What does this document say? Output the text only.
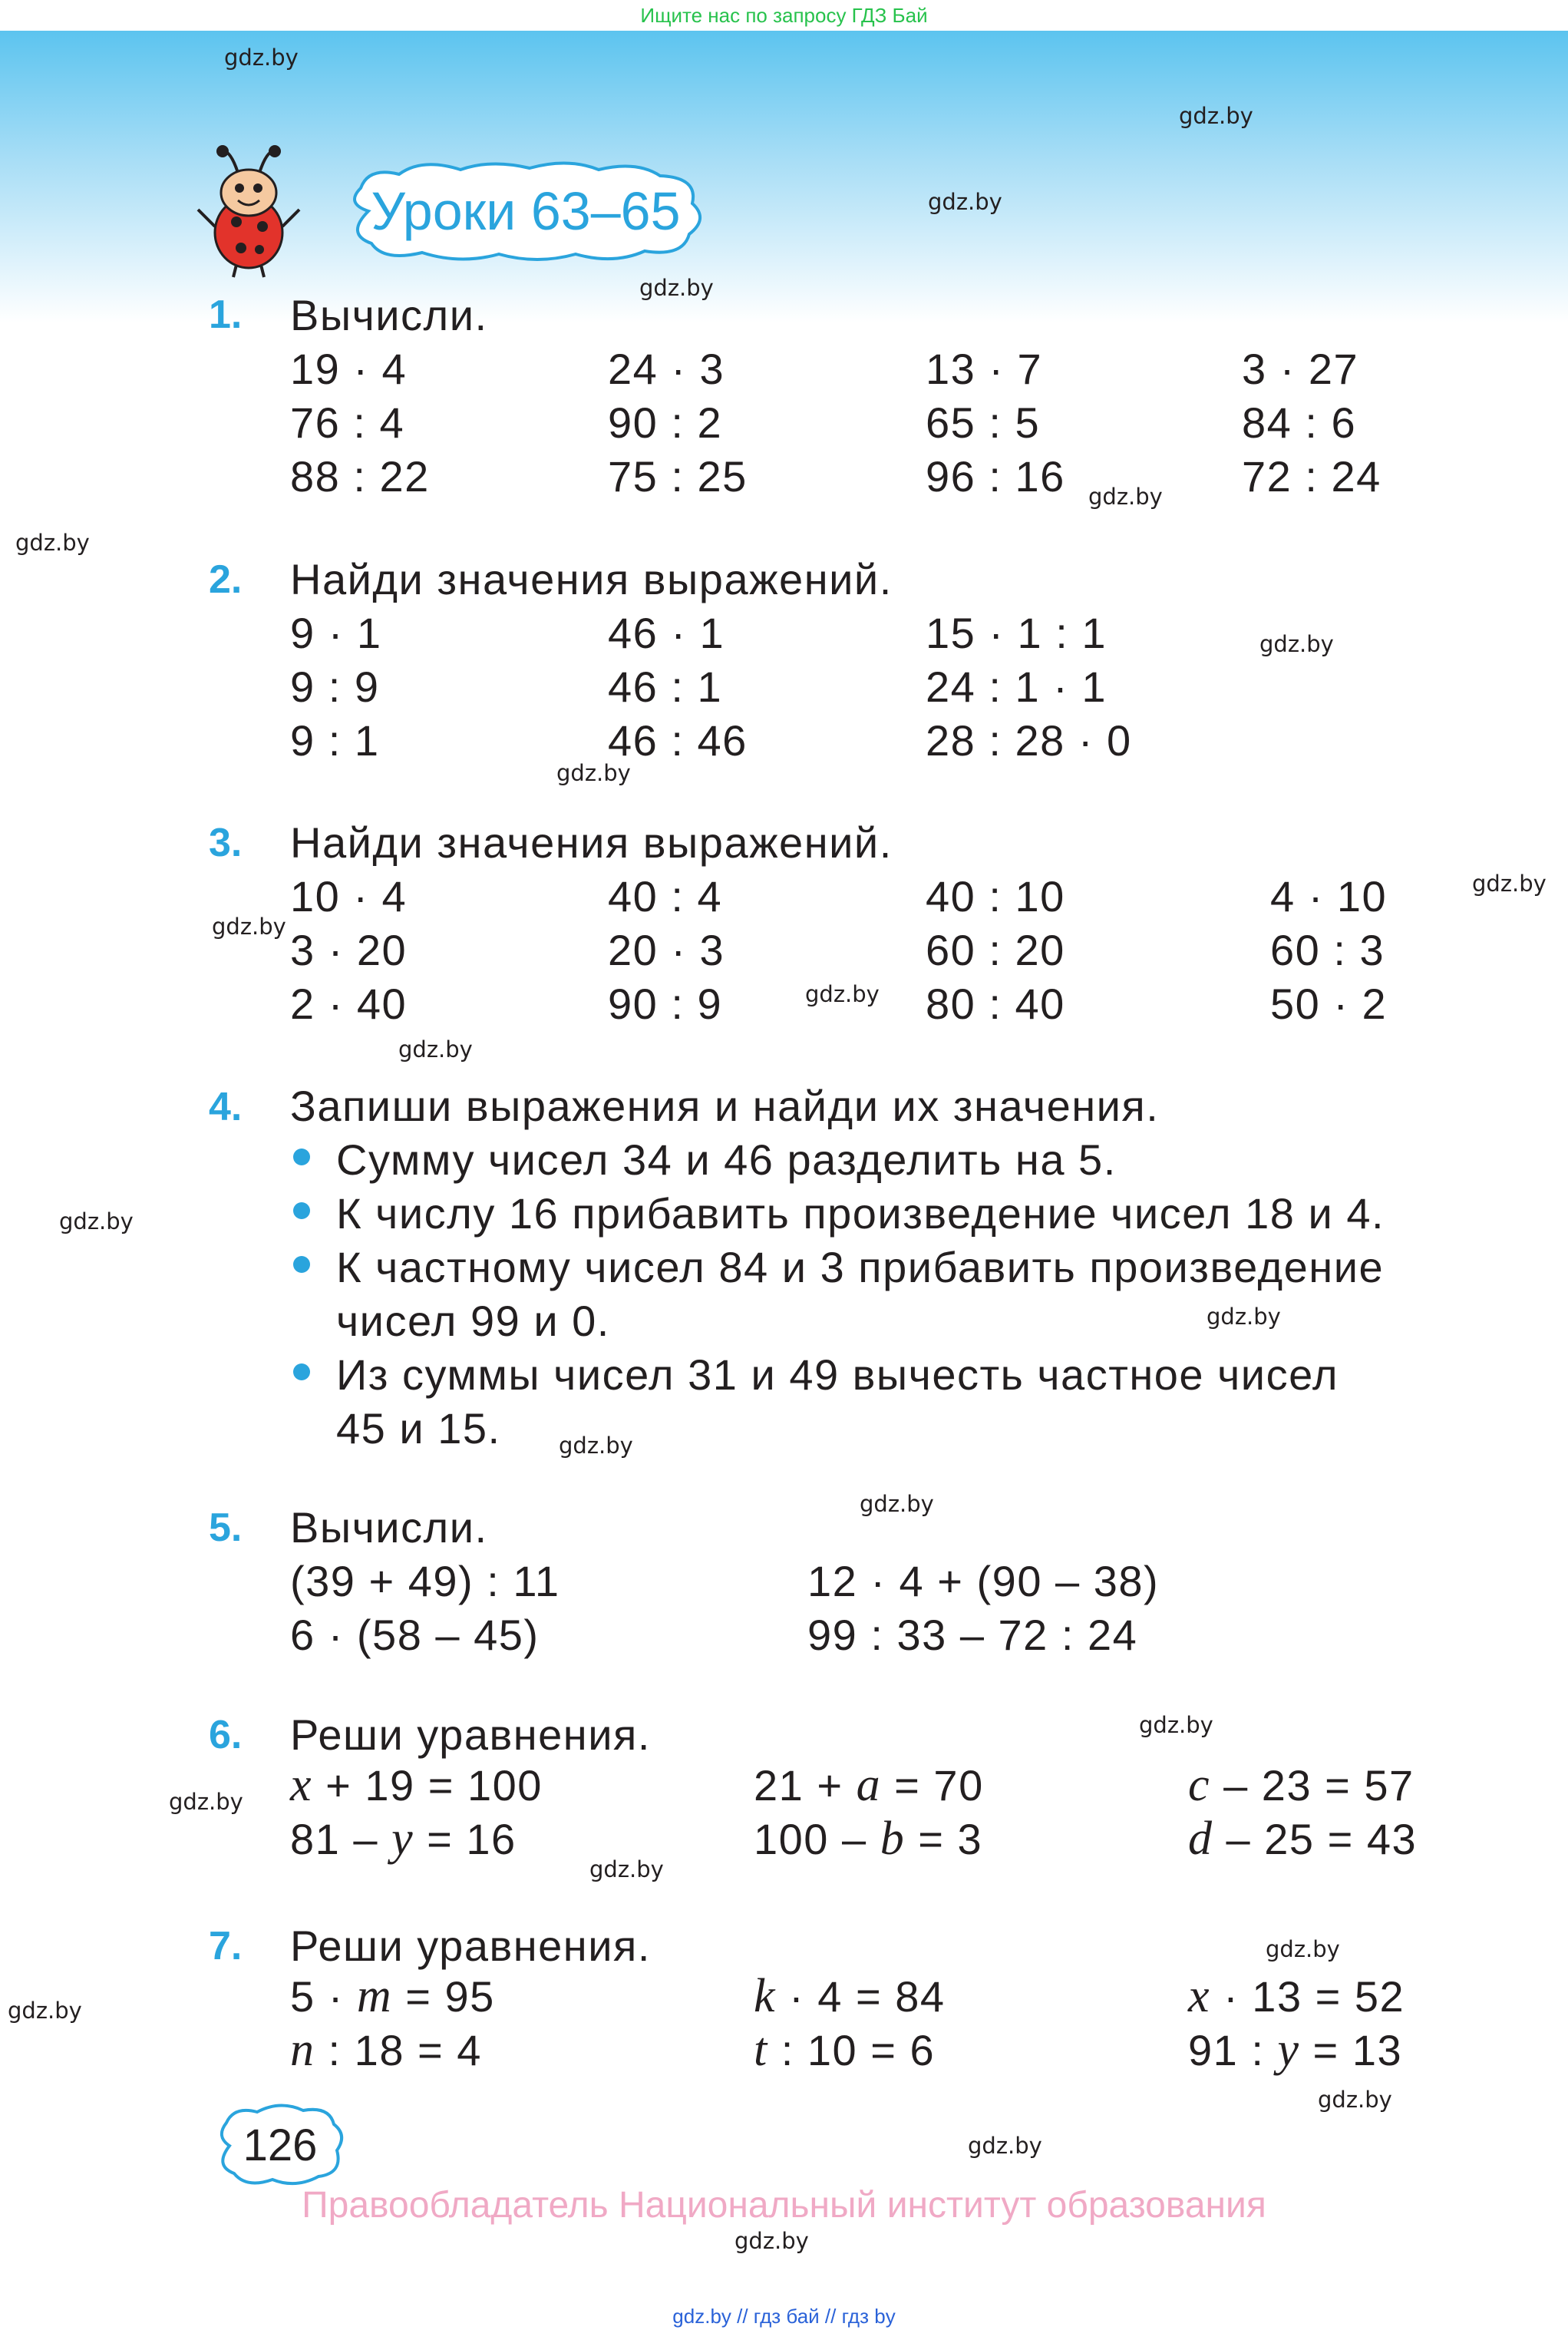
Ищите нас по запросу ГДЗ Бай
gdz.by
gdz.by
gdz.by
gdz.by
gdz.by
gdz.by
gdz.by
gdz.by
gdz.by
gdz.by
gdz.by
gdz.by
gdz.by
gdz.by
gdz.by
gdz.by
gdz.by
gdz.by
gdz.by
gdz.by
gdz.by
gdz.by
gdz.by
gdz.by
Уроки 63–65
1. Вычисли.
19 · 4	24 · 3	13 · 7	3 · 27
76 : 4	90 : 2	65 : 5	84 : 6
88 : 22	75 : 25	96 : 16	72 : 24
2. Найди значения выражений.
9 · 1	46 · 1	15 · 1 : 1
9 : 9	46 : 1	24 : 1 · 1
9 : 1	46 : 46	28 : 28 · 0
3. Найди значения выражений.
10 · 4	40 : 4	40 : 10	4 · 10
3 · 20	20 · 3	60 : 20	60 : 3
2 · 40	90 : 9	80 : 40	50 · 2
4. Запиши выражения и найди их значения.
Сумму чисел 34 и 46 разделить на 5.
К числу 16 прибавить произведение чисел 18 и 4.
К частному чисел 84 и 3 прибавить произведение
чисел 99 и 0.
Из суммы чисел 31 и 49 вычесть частное чисел
45 и 15.
5. Вычисли.
(39 + 49) : 11	12 · 4 + (90 – 38)
6 · (58 – 45)	99 : 33 – 72 : 24
6. Реши уравнения.
x + 19 = 100	21 + a = 70	c – 23 = 57
81 – y = 16	100 – b = 3	d – 25 = 43
7. Реши уравнения.
5 · m = 95	k · 4 = 84	x · 13 = 52
n : 18 = 4	t : 10 = 6	91 : y = 13
126
Правообладатель Национальный институт образования
gdz.by // гдз бай // гдз by
